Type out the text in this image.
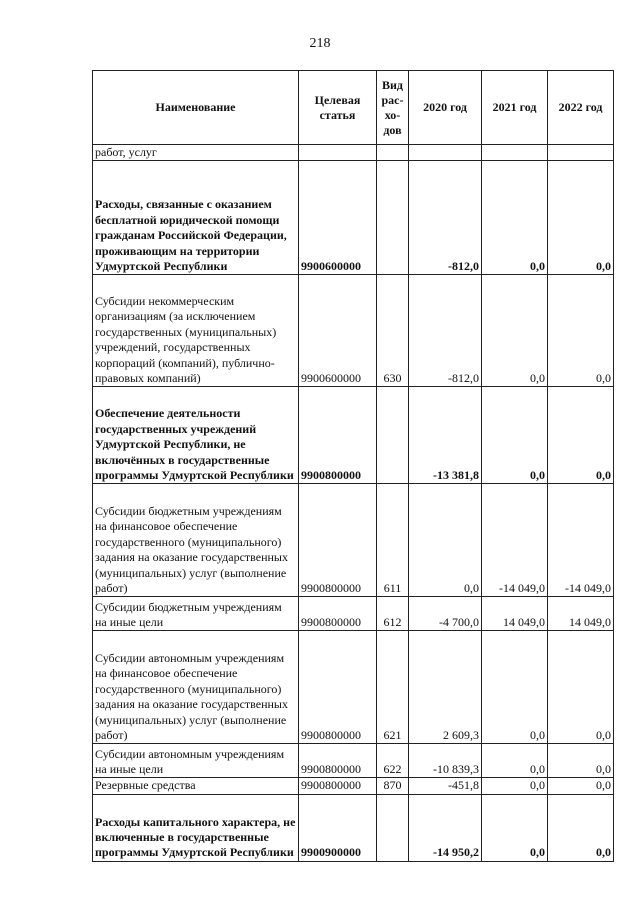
218
Наименование	Целевая статья	Вид рас-хо-дов	2020 год	2021 год	2022 год
работ, услуг					
Расходы, связанные с оказанием бесплатной юридической помощи гражданам Российской Федерации, проживающим на территории Удмуртской Республики	9900600000		-812,0	0,0	0,0
Субсидии некоммерческим организациям (за исключением государственных (муниципальных) учреждений, государственных корпораций (компаний), публично-правовых компаний)	9900600000	630	-812,0	0,0	0,0
Обеспечение деятельности государственных учреждений Удмуртской Республики, не включённых в государственные программы Удмуртской Республики	9900800000		-13 381,8	0,0	0,0
Субсидии бюджетным учреждениям на финансовое обеспечение государственного (муниципального) задания на оказание государственных (муниципальных) услуг (выполнение работ)	9900800000	611	0,0	-14 049,0	-14 049,0
Субсидии бюджетным учреждениям на иные цели	9900800000	612	-4 700,0	14 049,0	14 049,0
Субсидии автономным учреждениям на финансовое обеспечение государственного (муниципального) задания на оказание государственных (муниципальных) услуг (выполнение работ)	9900800000	621	2 609,3	0,0	0,0
Субсидии автономным учреждениям на иные цели	9900800000	622	-10 839,3	0,0	0,0
Резервные средства	9900800000	870	-451,8	0,0	0,0
Расходы капитального характера, не включенные в государственные программы Удмуртской Республики	9900900000		-14 950,2	0,0	0,0
